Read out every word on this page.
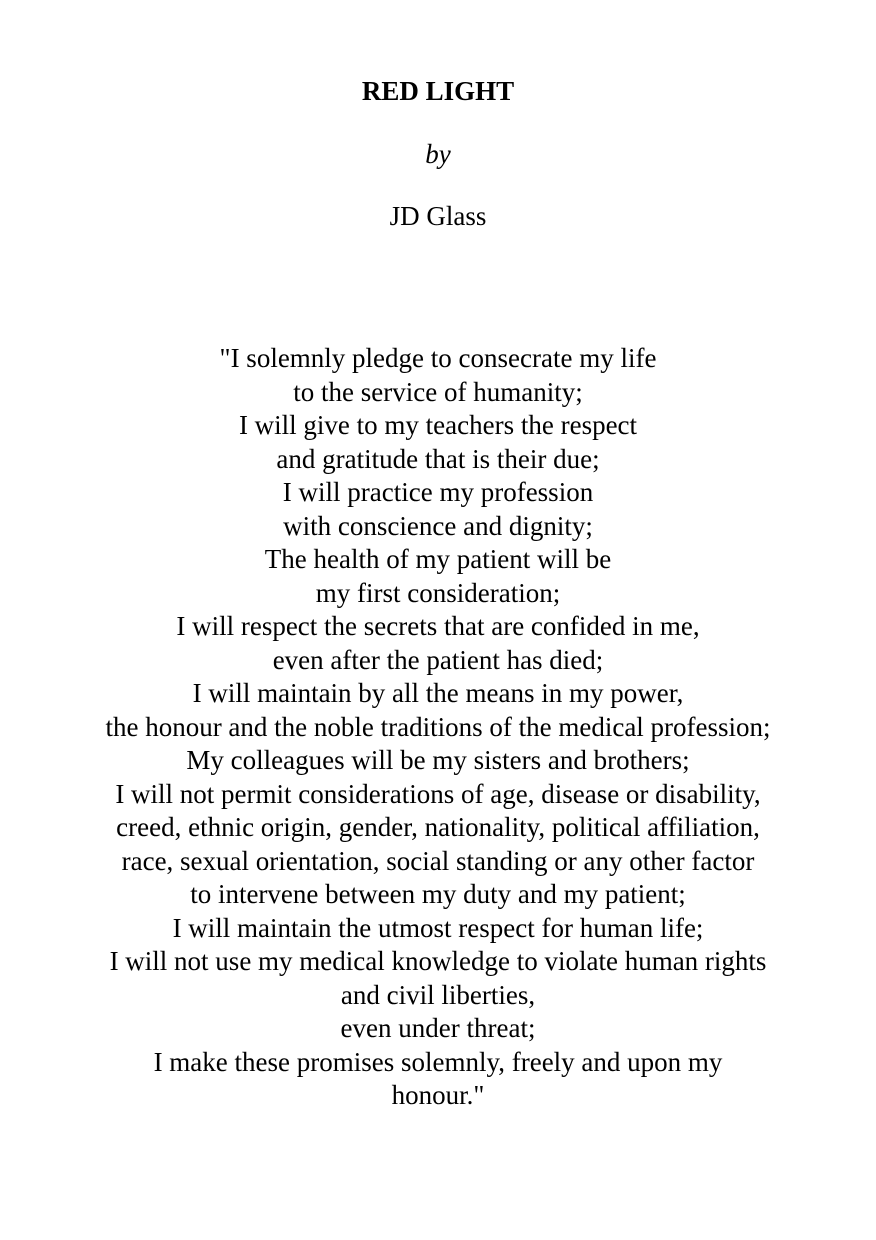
RED LIGHT
by
JD Glass
"I solemnly pledge to consecrate my life
to the service of humanity;
I will give to my teachers the respect
and gratitude that is their due;
I will practice my profession
with conscience and dignity;
The health of my patient will be
my first consideration;
I will respect the secrets that are confided in me,
even after the patient has died;
I will maintain by all the means in my power,
the honour and the noble traditions of the medical profession;
My colleagues will be my sisters and brothers;
I will not permit considerations of age, disease or disability,
creed, ethnic origin, gender, nationality, political affiliation,
race, sexual orientation, social standing or any other factor
to intervene between my duty and my patient;
I will maintain the utmost respect for human life;
I will not use my medical knowledge to violate human rights
and civil liberties,
even under threat;
I make these promises solemnly, freely and upon my
honour."
